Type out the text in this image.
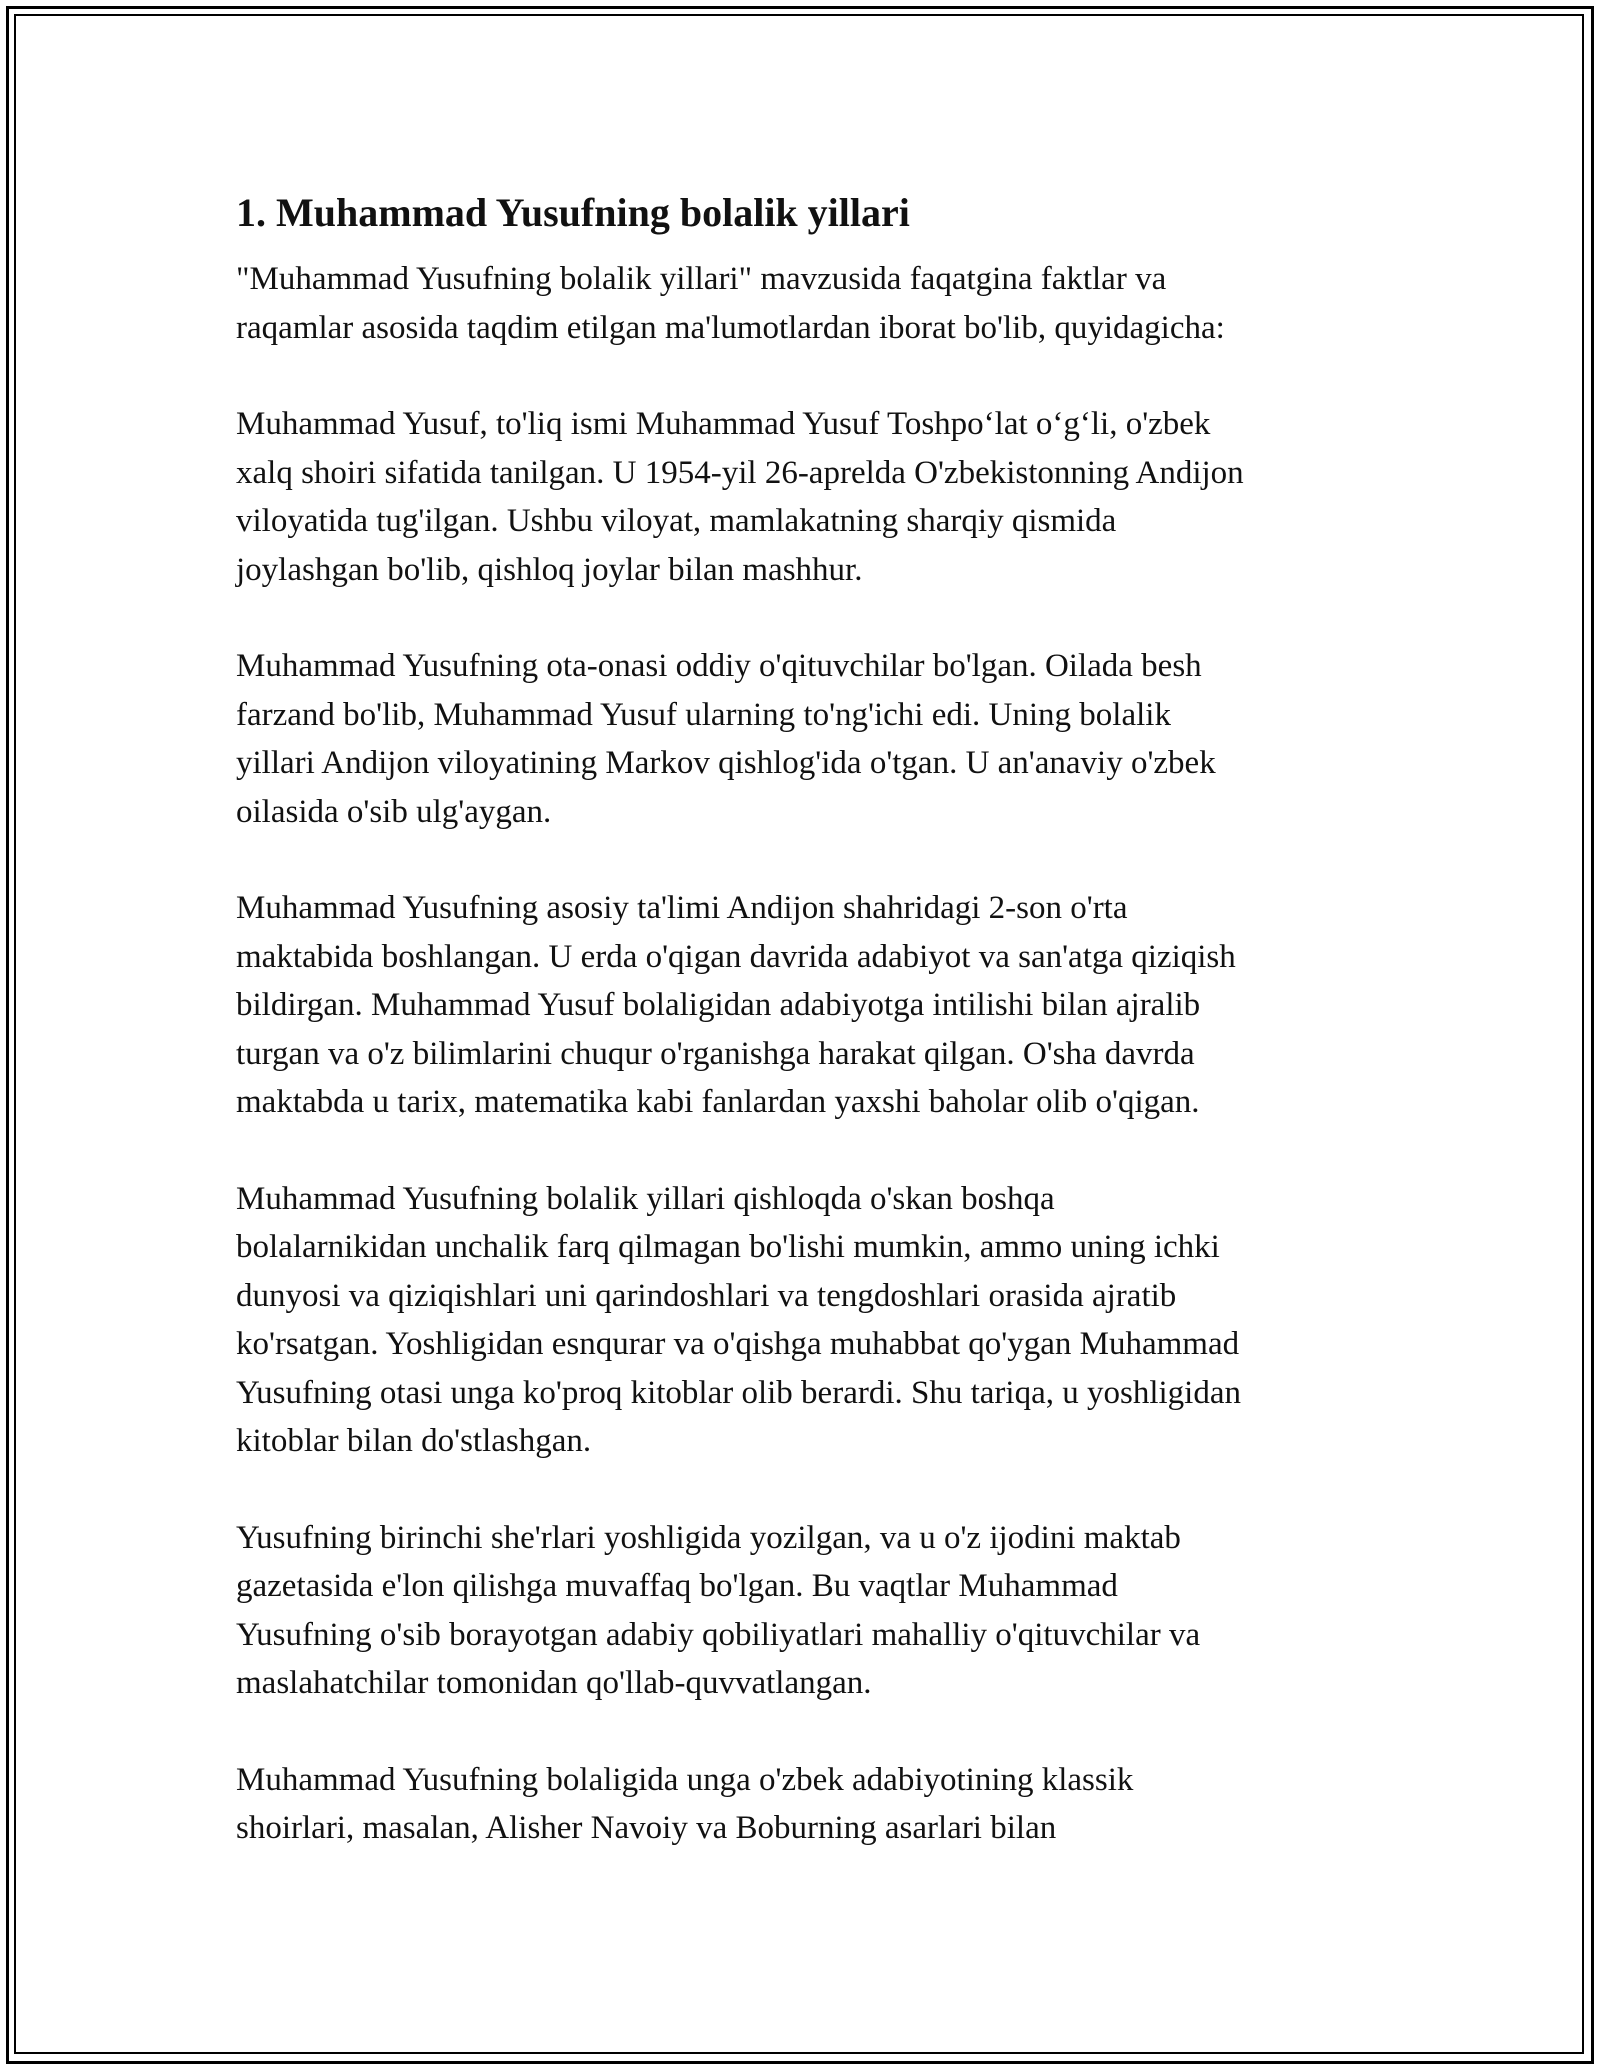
1. Muhammad Yusufning bolalik yillari

"Muhammad Yusufning bolalik yillari" mavzusida faqatgina faktlar va
raqamlar asosida taqdim etilgan ma'lumotlardan iborat bo'lib, quyidagicha:

Muhammad Yusuf, to'liq ismi Muhammad Yusuf Toshpo‘lat o‘g‘li, o'zbek
xalq shoiri sifatida tanilgan. U 1954-yil 26-aprelda O'zbekistonning Andijon
viloyatida tug'ilgan. Ushbu viloyat, mamlakatning sharqiy qismida
joylashgan bo'lib, qishloq joylar bilan mashhur.

Muhammad Yusufning ota-onasi oddiy o'qituvchilar bo'lgan. Oilada besh
farzand bo'lib, Muhammad Yusuf ularning to'ng'ichi edi. Uning bolalik
yillari Andijon viloyatining Markov qishlog'ida o'tgan. U an'anaviy o'zbek
oilasida o'sib ulg'aygan.

Muhammad Yusufning asosiy ta'limi Andijon shahridagi 2-son o'rta
maktabida boshlangan. U erda o'qigan davrida adabiyot va san'atga qiziqish
bildirgan. Muhammad Yusuf bolaligidan adabiyotga intilishi bilan ajralib
turgan va o'z bilimlarini chuqur o'rganishga harakat qilgan. O'sha davrda
maktabda u tarix, matematika kabi fanlardan yaxshi baholar olib o'qigan.

Muhammad Yusufning bolalik yillari qishloqda o'skan boshqa
bolalarnikidan unchalik farq qilmagan bo'lishi mumkin, ammo uning ichki
dunyosi va qiziqishlari uni qarindoshlari va tengdoshlari orasida ajratib
ko'rsatgan. Yoshligidan esnqurar va o'qishga muhabbat qo'ygan Muhammad
Yusufning otasi unga ko'proq kitoblar olib berardi. Shu tariqa, u yoshligidan
kitoblar bilan do'stlashgan.

Yusufning birinchi she'rlari yoshligida yozilgan, va u o'z ijodini maktab
gazetasida e'lon qilishga muvaffaq bo'lgan. Bu vaqtlar Muhammad
Yusufning o'sib borayotgan adabiy qobiliyatlari mahalliy o'qituvchilar va
maslahatchilar tomonidan qo'llab-quvvatlangan.

Muhammad Yusufning bolaligida unga o'zbek adabiyotining klassik
shoirlari, masalan, Alisher Navoiy va Boburning asarlari bilan
